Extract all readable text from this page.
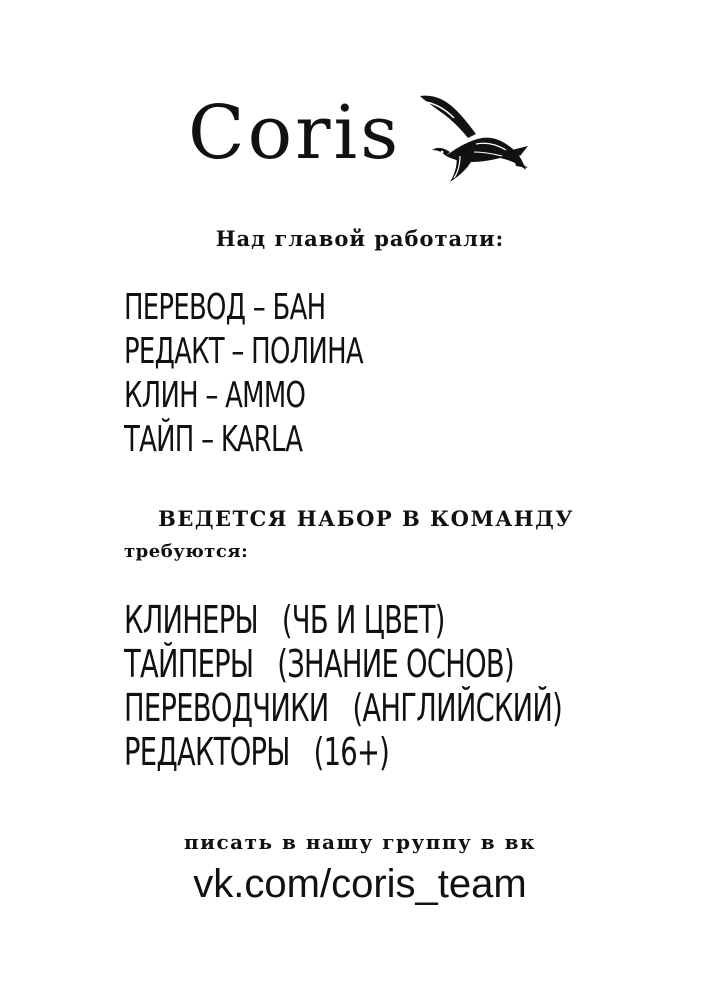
Coris
Над главой работали:
ПЕРЕВОД – БАН
РЕДАКТ – ПОЛИНА
КЛИН – АММО
ТАЙП – KARLA
ВЕДЕТСЯ НАБОР В КОМАНДУ
требуются:
КЛИНЕРЫ   (ЧБ И ЦВЕТ)
ТАЙПЕРЫ   (ЗНАНИЕ ОСНОВ)
ПЕРЕВОДЧИКИ   (АНГЛИЙСКИЙ)
РЕДАКТОРЫ   (16+)
писать в нашу группу в вк
vk.com/coris_team
